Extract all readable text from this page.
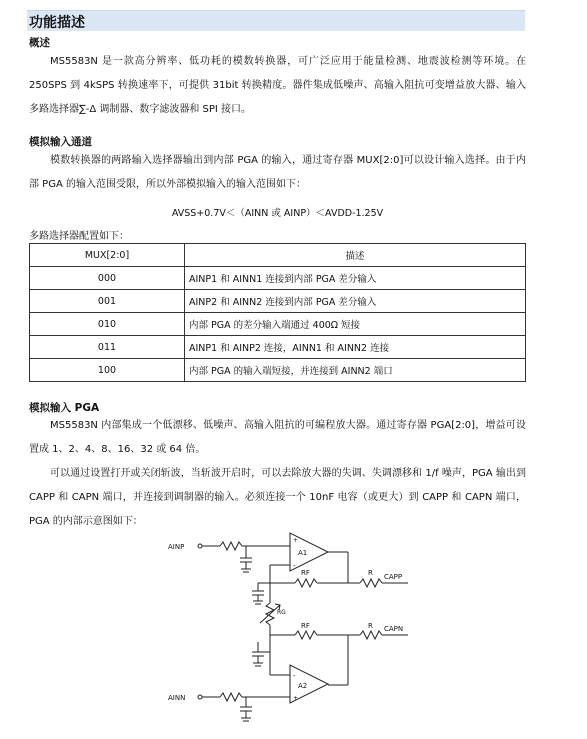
功能描述
概述

MS5583N 是一款高分辨率、低功耗的模数转换器，可广泛应用于能量检测、地震波检测等环境。在 250SPS 到 4kSPS 转换速率下，可提供 31bit 转换精度。器件集成低噪声、高输入阻抗可变增益放大器、输入多路选择器∑-Δ 调制器、数字滤波器和 SPI 接口。

模拟输入通道

模数转换器的两路输入选择器输出到内部 PGA 的输入，通过寄存器 MUX[2:0]可以设计输入选择。由于内部 PGA 的输入范围受限，所以外部模拟输入的输入范围如下：

AVSS+0.7V＜（AINN 或 AINP）＜AVDD-1.25V
多路选择器配置如下：
MUX[2:0]	描述
000	AINP1 和 AINN1 连接到内部 PGA 差分输入
001	AINP2 和 AINN2 连接到内部 PGA 差分输入
010	内部 PGA 的差分输入端通过 400Ω 短接
011	AINP1 和 AINP2 连接，AINN1 和 AINN2 连接
100	内部 PGA 的输入端短接，并连接到 AINN2 端口
模拟输入 PGA

MS5583N 内部集成一个低漂移、低噪声、高输入阻抗的可编程放大器。通过寄存器 PGA[2:0]，增益可设置成 1、2、4、8、16、32 或 64 倍。

可以通过设置打开或关闭斩波，当斩波开启时，可以去除放大器的失调、失调漂移和 1/f 噪声，PGA 输出到 CAPP 和 CAPN 端口，并连接到调制器的输入。必须连接一个 10nF 电容（或更大）到 CAPP 和 CAPN 端口，PGA 的内部示意图如下：

AINP
AINN
+
-
A1
-
+
A2
RF
RF
R
R
RG
CAPP
CAPN
